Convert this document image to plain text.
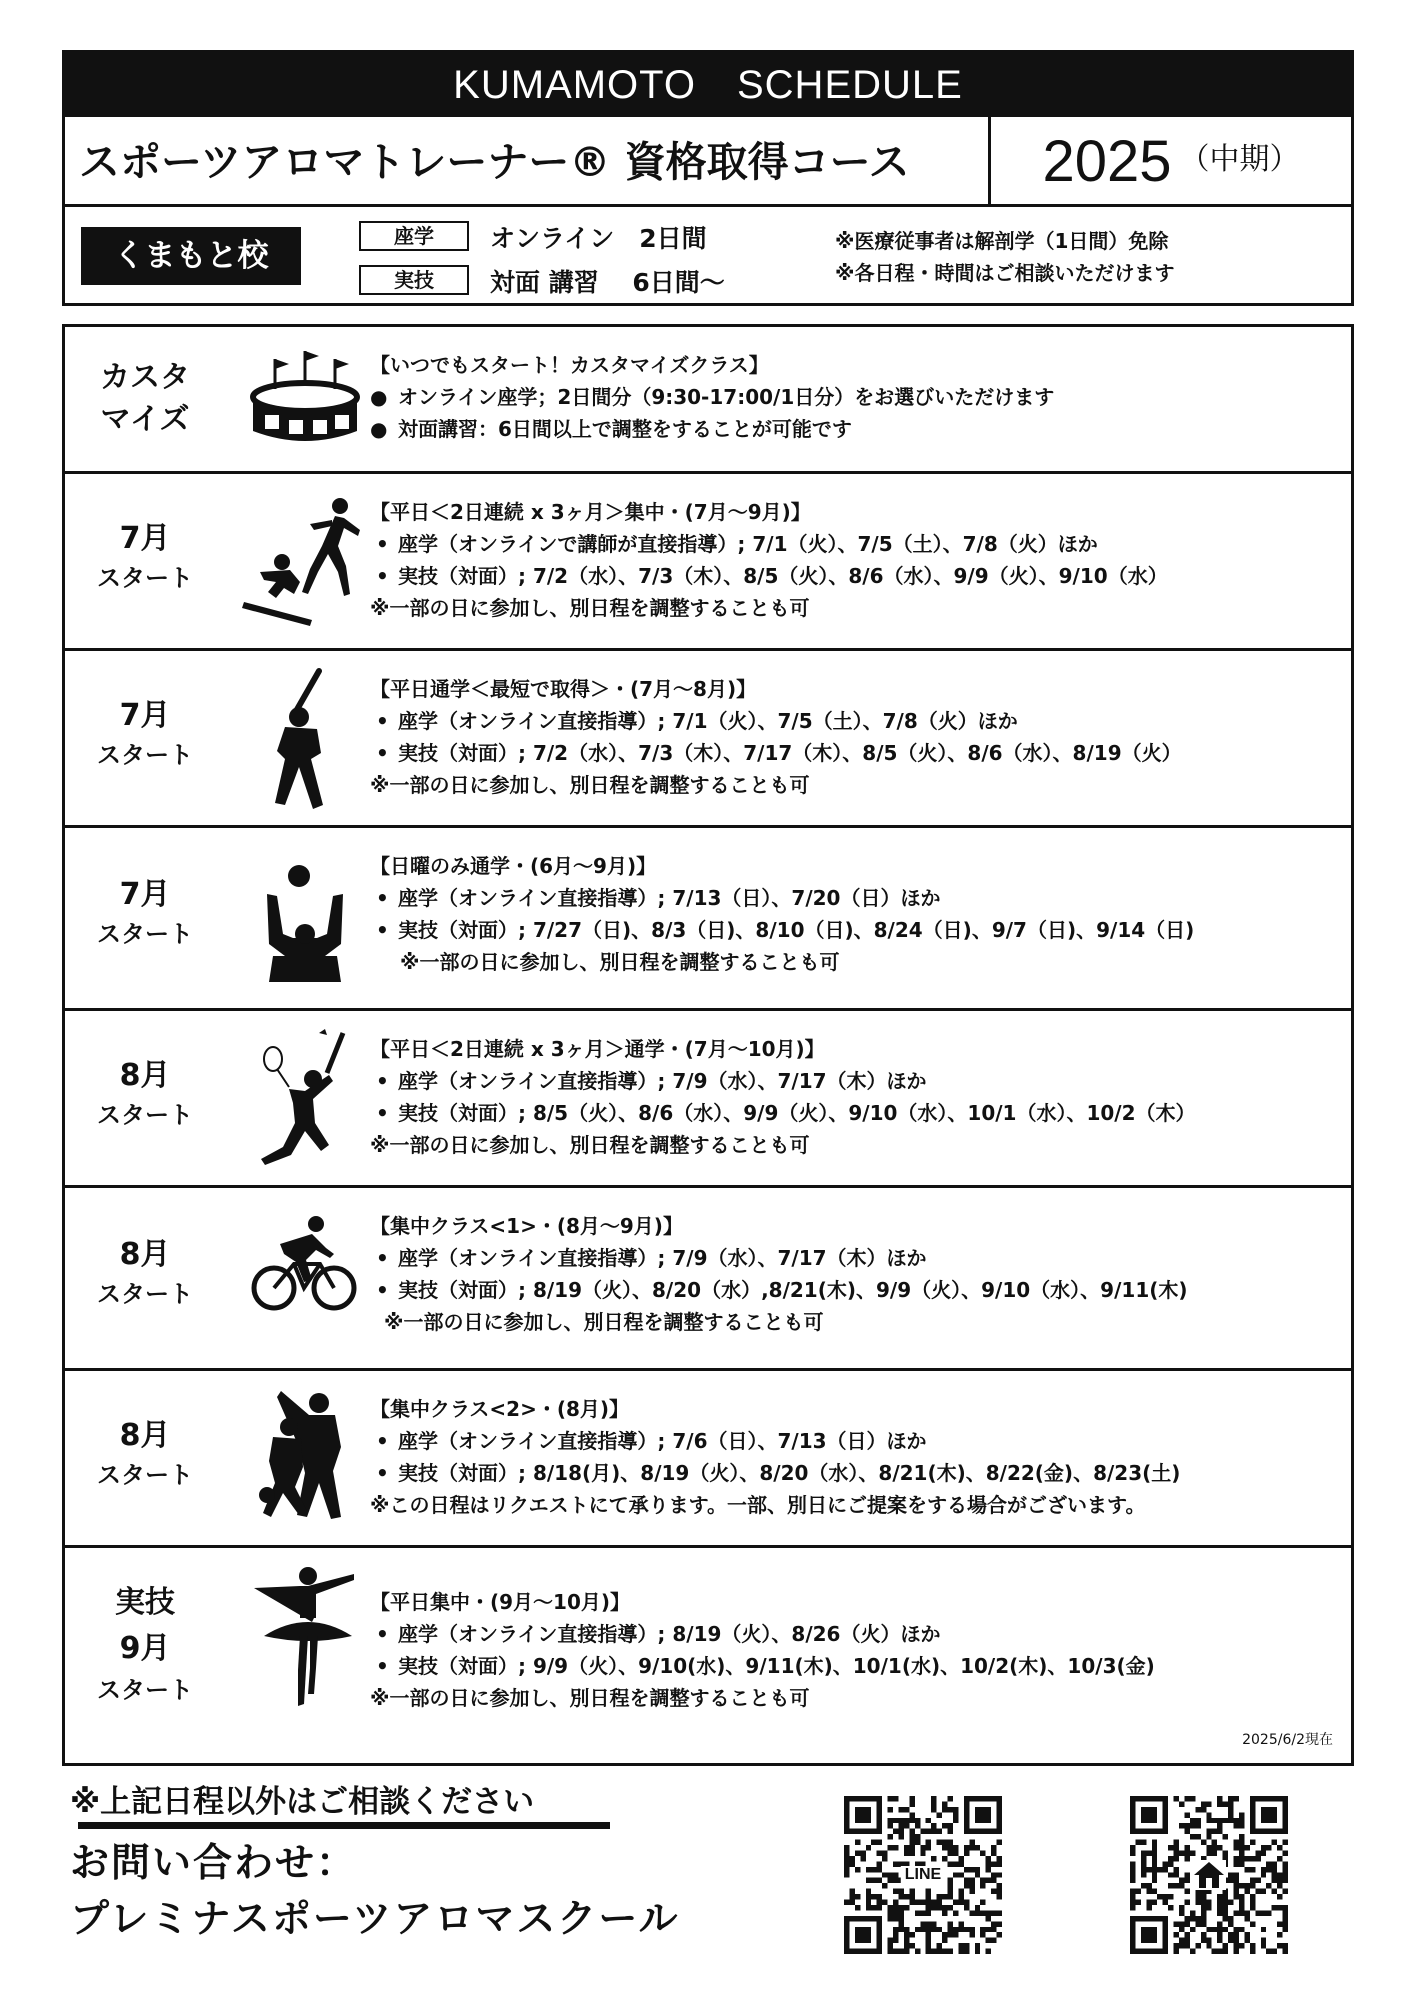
KUMAMOTO　SCHEDULE
スポーツアロマトレーナー® 資格取得コース	2025 （中期）
くまもと校
座学	オンライン　2日間
実技	対面 講習　 6日間〜
※医療従事者は解剖学（1日間）免除
※各日程・時間はご相談いただけます
カスタ
マイズ
【いつでもスタート！カスタマイズクラス】
● オンライン座学；2日間分（9:30-17:00/1日分）をお選びいただけます
● 対面講習：6日間以上で調整をすることが可能です
7月
スタート
【平日＜2日連続 x 3ヶ月＞集中・(7月〜9月)】
• 座学（オンラインで講師が直接指導）; 7/1（火）、7/5（土）、7/8（火）ほか
• 実技（対面）; 7/2（水）、7/3（木）、8/5（火）、8/6（水）、9/9（火）、9/10（水）
※一部の日に参加し、別日程を調整することも可
7月
スタート
【平日通学＜最短で取得＞・(7月〜8月)】
• 座学（オンライン直接指導）; 7/1（火）、7/5（土）、7/8（火）ほか
• 実技（対面）; 7/2（水）、7/3（木）、7/17（木）、8/5（火）、8/6（水）、8/19（火）
※一部の日に参加し、別日程を調整することも可
7月
スタート
【日曜のみ通学・(6月〜9月)】
• 座学（オンライン直接指導）; 7/13（日）、7/20（日）ほか
• 実技（対面）; 7/27（日)、8/3（日)、8/10（日)、8/24（日)、9/7（日)、9/14（日)
※一部の日に参加し、別日程を調整することも可
8月
スタート
【平日＜2日連続 x 3ヶ月＞通学・(7月〜10月)】
• 座学（オンライン直接指導）; 7/9（水）、7/17（木）ほか
• 実技（対面）; 8/5（火）、8/6（水）、9/9（火）、9/10（水）、10/1（水）、10/2（木）
※一部の日に参加し、別日程を調整することも可
8月
スタート
【集中クラス<1>・(8月〜9月)】
• 座学（オンライン直接指導）; 7/9（水）、7/17（木）ほか
• 実技（対面）; 8/19（火）、8/20（水）,8/21(木)、9/9（火）、9/10（水）、9/11(木)
※一部の日に参加し、別日程を調整することも可
8月
スタート
【集中クラス<2>・(8月)】
• 座学（オンライン直接指導）; 7/6（日）、7/13（日）ほか
• 実技（対面）; 8/18(月)、8/19（火）、8/20（水）、8/21(木)、8/22(金)、8/23(土)
※この日程はリクエストにて承ります。一部、別日にご提案をする場合がございます。
実技
9月
スタート
【平日集中・(9月〜10月)】
• 座学（オンライン直接指導）; 8/19（火）、8/26（火）ほか
• 実技（対面）; 9/9（火）、9/10(水)、9/11(木)、10/1(水)、10/2(木)、10/3(金)
※一部の日に参加し、別日程を調整することも可
2025/6/2現在
※上記日程以外はご相談ください
お問い合わせ：
プレミナスポーツアロマスクール
LINE
